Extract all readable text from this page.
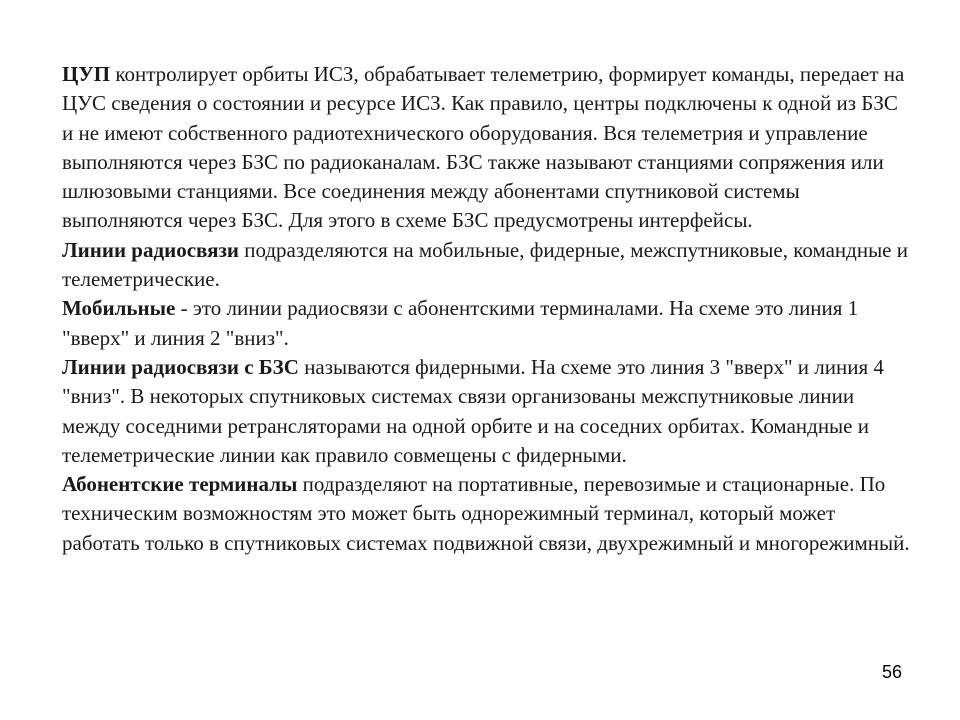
ЦУП контролирует орбиты ИСЗ, обрабатывает телеметрию, формирует команды, передает на ЦУС сведения о состоянии и ресурсе ИСЗ. Как правило, центры подключены к одной из БЗС и не имеют собственного радиотехнического оборудования. Вся телеметрия и управление выполняются через БЗС по радиоканалам. БЗС также называют станциями сопряжения или шлюзовыми станциями. Все соединения между абонентами спутниковой системы выполняются через БЗС. Для этого в схеме БЗС предусмотрены интерфейсы.

Линии радиосвязи подразделяются на мобильные, фидерные, межспутниковые, командные и телеметрические.

Мобильные - это линии радиосвязи с абонентскими терминалами. На схеме это линия 1 "вверх" и линия 2 "вниз".

Линии радиосвязи с БЗС называются фидерными. На схеме это линия 3 "вверх" и линия 4 "вниз". В некоторых спутниковых системах связи организованы межспутниковые линии между соседними ретрансляторами на одной орбите и на соседних орбитах. Командные и телеметрические линии как правило совмещены с фидерными.

Абонентские терминалы подразделяют на портативные, перевозимые и стационарные. По техническим возможностям это может быть однорежимный терминал, который может работать только в спутниковых системах подвижной связи, двухрежимный и многорежимный.

56
